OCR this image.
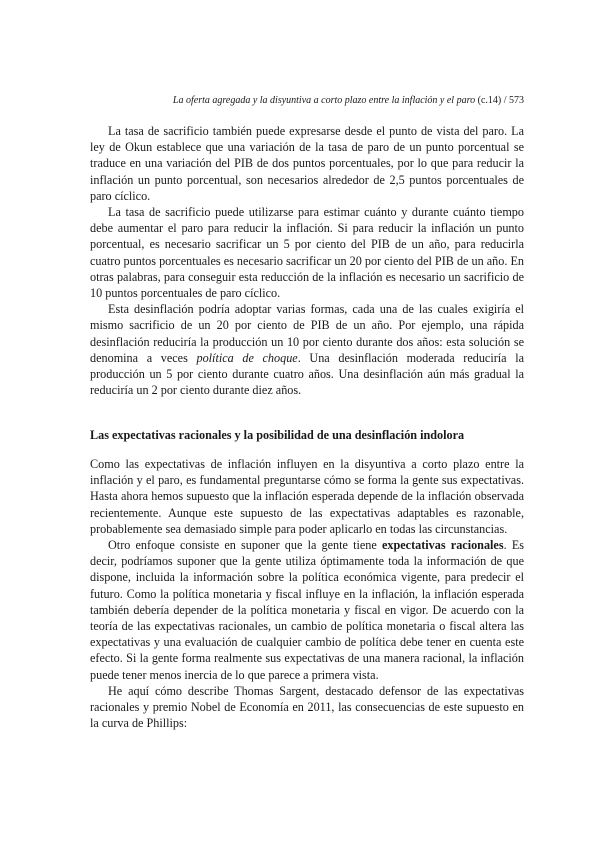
La oferta agregada y la disyuntiva a corto plazo entre la inflación y el paro (c.14) / 573

La tasa de sacrificio también puede expresarse desde el punto de vista del paro. La ley de Okun establece que una variación de la tasa de paro de un punto porcentual se traduce en una variación del PIB de dos puntos porcentuales, por lo que para reducir la inflación un punto porcentual, son necesarios alrededor de 2,5 puntos porcentuales de paro cíclico.

La tasa de sacrificio puede utilizarse para estimar cuánto y durante cuánto tiempo debe aumentar el paro para reducir la inflación. Si para reducir la inflación un punto porcentual, es necesario sacrificar un 5 por ciento del PIB de un año, para reducirla cuatro puntos porcentuales es necesario sacrificar un 20 por ciento del PIB de un año. En otras palabras, para conseguir esta reducción de la inflación es necesario un sacrificio de 10 puntos porcentuales de paro cíclico.

Esta desinflación podría adoptar varias formas, cada una de las cuales exigiría el mismo sacrificio de un 20 por ciento de PIB de un año. Por ejemplo, una rápida desinflación reduciría la producción un 10 por ciento durante dos años: esta solución se denomina a veces política de choque. Una desinflación moderada reduciría la producción un 5 por ciento durante cuatro años. Una desinflación aún más gradual la reduciría un 2 por ciento durante diez años.

Las expectativas racionales y la posibilidad de una desinflación indolora

Como las expectativas de inflación influyen en la disyuntiva a corto plazo entre la inflación y el paro, es fundamental preguntarse cómo se forma la gente sus expectativas. Hasta ahora hemos supuesto que la inflación esperada depende de la inflación observada recientemente. Aunque este supuesto de las expectativas adaptables es razonable, probablemente sea demasiado simple para poder aplicarlo en todas las circunstancias.

Otro enfoque consiste en suponer que la gente tiene expectativas racionales. Es decir, podríamos suponer que la gente utiliza óptimamente toda la información de que dispone, incluida la información sobre la política económica vigente, para predecir el futuro. Como la política monetaria y fiscal influye en la inflación, la inflación esperada también debería depender de la política monetaria y fiscal en vigor. De acuerdo con la teoría de las expectativas racionales, un cambio de política monetaria o fiscal altera las expectativas y una evaluación de cualquier cambio de política debe tener en cuenta este efecto. Si la gente forma realmente sus expectativas de una manera racional, la inflación puede tener menos inercia de lo que parece a primera vista.

He aquí cómo describe Thomas Sargent, destacado defensor de las expectativas racionales y premio Nobel de Economía en 2011, las consecuencias de este supuesto en la curva de Phillips:
